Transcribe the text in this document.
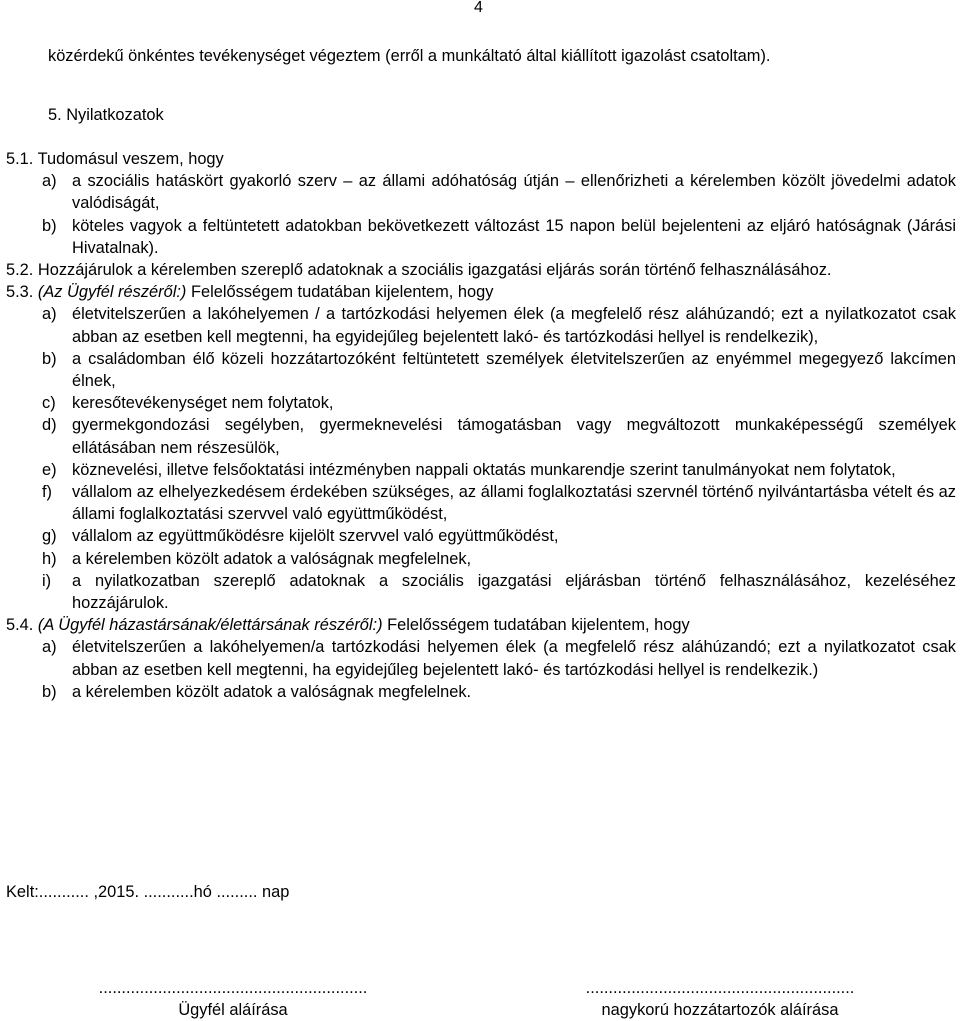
4
közérdekű önkéntes tevékenységet végeztem (erről a munkáltató által kiállított igazolást csatoltam).
5. Nyilatkozatok

5.1. Tudomásul veszem, hogy

a) a szociális hatáskört gyakorló szerv – az állami adóhatóság útján – ellenőrizheti a kérelemben közölt jövedelmi adatok valódiságát,
b) köteles vagyok a feltüntetett adatokban bekövetkezett változást 15 napon belül bejelenteni az eljáró hatóságnak (Járási Hivatalnak).

5.2. Hozzájárulok a kérelemben szereplő adatoknak a szociális igazgatási eljárás során történő felhasználásához.

5.3. (Az Ügyfél részéről:) Felelősségem tudatában kijelentem, hogy

a) életvitelszerűen a lakóhelyemen / a tartózkodási helyemen élek (a megfelelő rész aláhúzandó; ezt a nyilatkozatot csak abban az esetben kell megtenni, ha egyidejűleg bejelentett lakó- és tartózkodási hellyel is rendelkezik),
b) a családomban élő közeli hozzátartozóként feltüntetett személyek életvitelszerűen az enyémmel megegyező lakcímen élnek,
c) keresőtevékenységet nem folytatok,
d) gyermekgondozási segélyben, gyermeknevelési támogatásban vagy megváltozott munkaképességű személyek ellátásában nem részesülök,
e) köznevelési, illetve felsőoktatási intézményben nappali oktatás munkarendje szerint tanulmányokat nem folytatok,
f)	vállalom az elhelyezkedésem érdekében szükséges, az állami foglalkoztatási szervnél történő nyilvántartásba vételt és az állami foglalkoztatási szervvel való együttműködést,
g) vállalom az együttműködésre kijelölt szervvel való együttműködést,
h) a kérelemben közölt adatok a valóságnak megfelelnek,
i)	a nyilatkozatban szereplő adatoknak a szociális igazgatási eljárásban történő felhasználásához, kezeléséhez hozzájárulok.

5.4. (A Ügyfél házastársának/élettársának részéről:) Felelősségem tudatában kijelentem, hogy

a) életvitelszerűen a lakóhelyemen/a tartózkodási helyemen élek (a megfelelő rész aláhúzandó; ezt a nyilatkozatot csak abban az esetben kell megtenni, ha egyidejűleg bejelentett lakó- és tartózkodási hellyel is rendelkezik.)
b) a kérelemben közölt adatok a valóságnak megfelelnek.
Kelt:........... ,2015. ...........hó ......... nap
...........................................................
Ügyfél aláírása
...........................................................
nagykorú hozzátartozók aláírása
